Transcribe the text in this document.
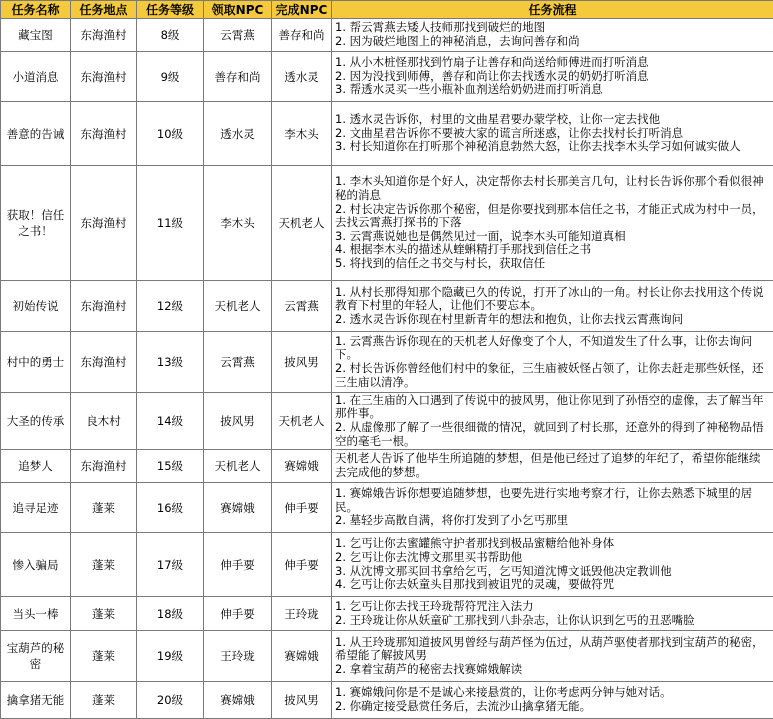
任务名称	任务地点	任务等级	领取NPC	完成NPC	任务流程
藏宝图	东海渔村	8级	云霄燕	善存和尚	1. 帮云霄燕去矮人技师那找到破烂的地图
2. 因为破烂地图上的神秘消息，去询问善存和尚

小道消息	东海渔村	9级	善存和尚	透水灵	1. 从小木桩怪那找到竹扇子让善存和尚送给师傅进而打听消息
2. 因为没找到师傅，善存和尚让你去找透水灵的奶奶打听消息
3. 帮透水灵买一些小瓶补血剂送给奶奶进而打听消息

善意的告诫	东海渔村	10级	透水灵	李木头	1. 透水灵告诉你，村里的文曲星君要办蒙学校，让你一定去找他
2. 文曲星君告诉你不要被大家的谎言所迷惑，让你去找村长打听消息
3. 村长知道你在打听那个神秘消息勃然大怒，让你去找李木头学习如何诚实做人

获取！信任之书！	东海渔村	11级	李木头	天机老人	1. 李木头知道你是个好人，决定帮你去村长那美言几句，让村长告诉你那个看似很神秘的消息
2. 村长决定告诉你那个秘密，但是你要找到那本信任之书，才能正式成为村中一员，去找云霄燕打探书的下落
3. 云霄燕说她也是偶然见过一面，说李木头可能知道真相
4. 根据李木头的描述从蝰蝌精打手那找到信任之书
5. 将找到的信任之书交与村长，获取信任

初始传说	东海渔村	12级	天机老人	云霄燕	1. 从村长那得知那个隐藏已久的传说，打开了冰山的一角。村长让你去找用这个传说教育下村里的年轻人，让他们不要忘本。
2. 透水灵告诉你现在村里新青年的想法和抱负，让你去找云霄燕询问

村中的勇士	东海渔村	13级	云霄燕	披风男	1. 云霄燕告诉你现在的天机老人好像变了个人，不知道发生了什么事，让你去询问下。
2. 村长告诉你曾经他们村中的象征，三生庙被妖怪占领了，让你去赶走那些妖怪，还三生庙以清净。

大圣的传承	良木村	14级	披风男	天机老人	1. 在三生庙的入口遇到了传说中的披风男，他让你见到了孙悟空的虚像，去了解当年那件事。
2. 从虚像那了解了一些很细微的情况，就回到了村长那，还意外的得到了神秘物品悟空的毫毛一根。

追梦人	东海渔村	15级	天机老人	赛嫦娥	天机老人告诉了他毕生所追随的梦想，但是他已经过了追梦的年纪了，希望你能继续去完成他的梦想。

追寻足迹	蓬莱	16级	赛嫦娥	伸手要	1. 赛嫦娥告诉你想要追随梦想，也要先进行实地考察才行，让你去熟悉下城里的居民。
2. 墓轻步高散自满，将你打发到了小乞丐那里

惨入骗局	蓬莱	17级	伸手要	伸手要	1. 乞丐让你去蜜罐熊守护者那找到极品蜜糖给他补身体
2. 乞丐让你去沈博文那里买书帮助他
3. 从沈博文那买回书拿给乞丐，乞丐知道沈博文诋毁他决定教训他
4. 乞丐让你去妖童头目那找到被诅咒的灵魂，要做符咒

当头一棒	蓬莱	18级	伸手要	王玲珑	1. 乞丐让你去找王玲珑帮符咒注入法力
2. 王玲珑让你从妖童矿工那找到八卦杂志，让你认识到乞丐的丑恶嘴脸

宝葫芦的秘密	蓬莱	19级	王玲珑	赛嫦娥	1. 从王玲珑那知道披风男曾经与葫芦怪为伍过，从葫芦驱使者那找到宝葫芦的秘密，希望能了解披风男
2. 拿着宝葫芦的秘密去找赛嫦娥解读

擒拿猪无能	蓬莱	20级	赛嫦娥	披风男	1. 赛嫦娥问你是不是诚心来接悬赏的，让你考虑两分钟与她对话。
2. 你确定接受悬赏任务后，去流沙山擒拿猪无能。
